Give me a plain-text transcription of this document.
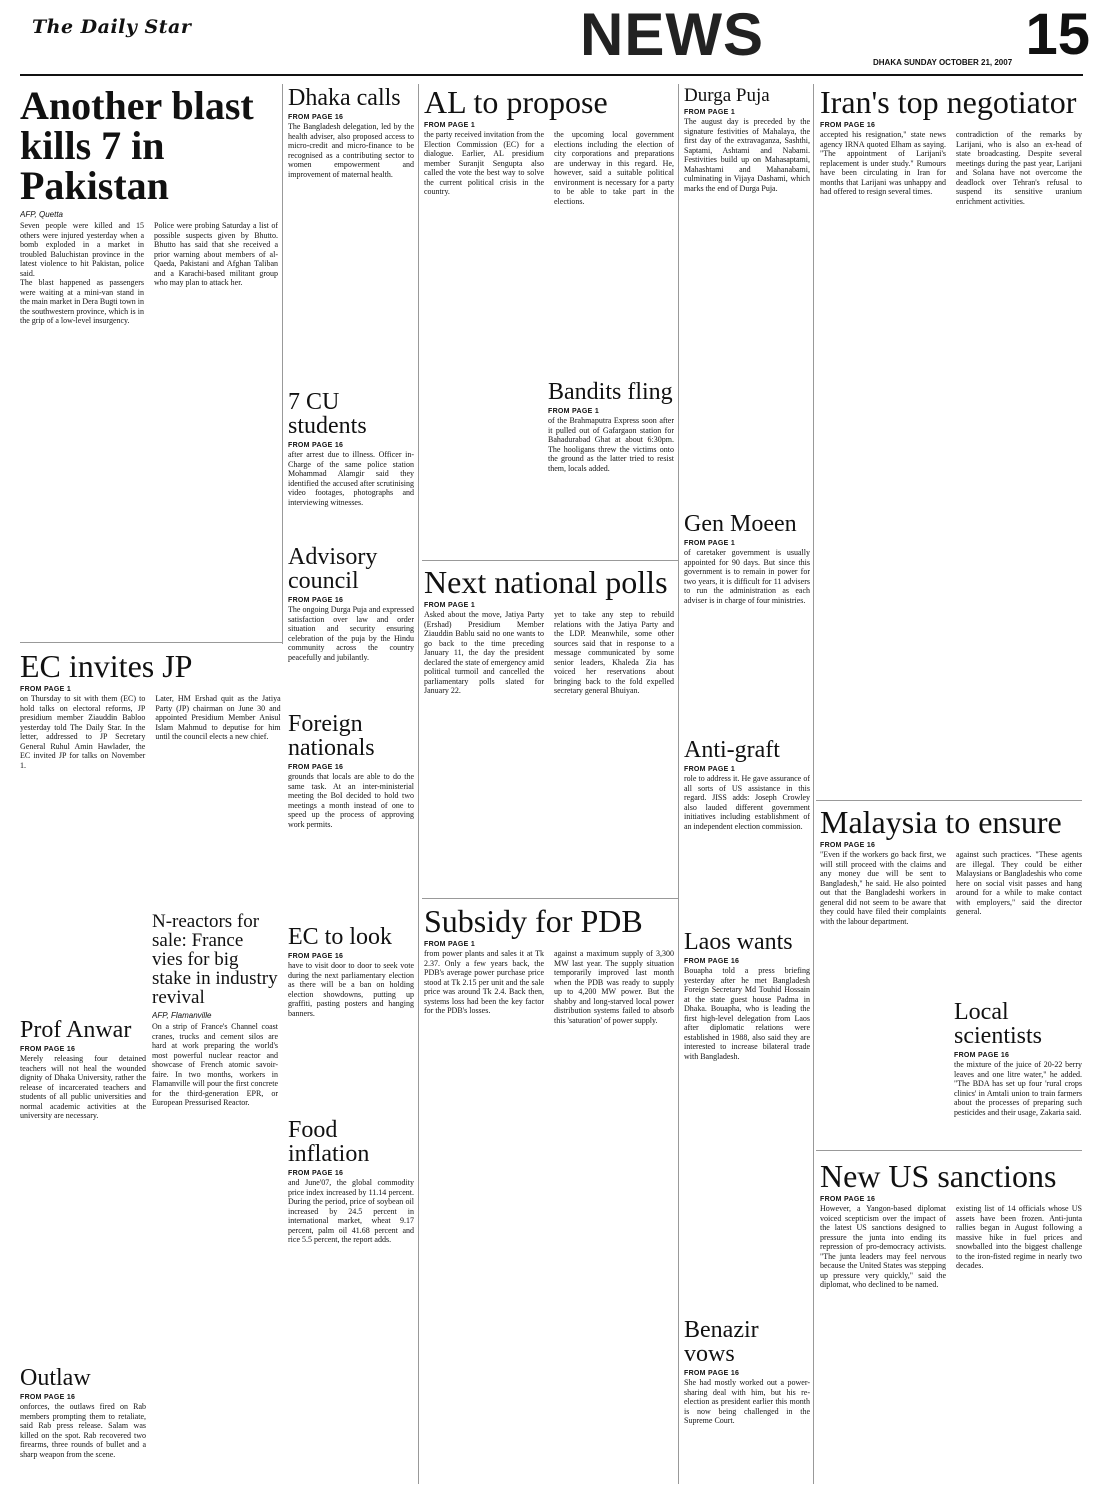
The Daily Star	NEWS	DHAKA SUNDAY OCTOBER 21, 2007 15
Another blast kills 7 in Pakistan
AFP, Quetta

Seven people were killed and 15 others were injured yesterday when a bomb exploded in a market in troubled Baluchistan province in the latest violence to hit Pakistan, police said.

The blast happened as passengers were waiting at a mini-van stand in the main market in Dera Bugti town in the southwestern province, which is in the grip of a low-level insurgency.

Police were probing Saturday a list of possible suspects given by Bhutto. Bhutto has said that she received a prior warning about members of al-Qaeda, Pakistani and Afghan Taliban and a Karachi-based militant group who may plan to attack her.

Dhaka calls
FROM PAGE 16

The Bangladesh delegation, led by the health adviser, also proposed access to micro-credit and micro-finance to be recognised as a contributing sector to women empowerment and improvement of maternal health.

7 CU students
FROM PAGE 16

after arrest due to illness. Officer in-Charge of the same police station Mohammad Alamgir said they identified the accused after scrutinising video footages, photographs and interviewing witnesses.

Advisory council
FROM PAGE 16

The ongoing Durga Puja and expressed satisfaction over law and order situation and security ensuring celebration of the puja by the Hindu community across the country peacefully and jubilantly.

AL to propose
FROM PAGE 1

the party received invitation from the Election Commission (EC) for a dialogue. Earlier, AL presidium member Suranjit Sengupta also called the vote the best way to solve the current political crisis in the country.

the upcoming local government elections including the election of city corporations and preparations are underway in this regard. He, however, said a suitable political environment is necessary for a party to be able to take part in the elections.

Durga Puja
FROM PAGE 1

The august day is preceded by the signature festivities of Mahalaya, the first day of the extravaganza, Sashthi, Saptami, Ashtami and Nabami. Festivities build up on Mahasaptami, Mahashtami and Mahanabami, culminating in Vijaya Dashami, which marks the end of Durga Puja.

Bandits fling
FROM PAGE 1

of the Brahmaputra Express soon after it pulled out of Gafargaon station for Bahadurabad Ghat at about 6:30pm. The hooligans threw the victims onto the ground as the latter tried to resist them, locals added.

Gen Moeen
FROM PAGE 1

of caretaker government is usually appointed for 90 days. But since this government is to remain in power for two years, it is difficult for 11 advisers to run the administration as each adviser is in charge of four ministries.

Anti-graft
FROM PAGE 1

role to address it. He gave assurance of all sorts of US assistance in this regard. JISS adds: Joseph Crowley also lauded different government initiatives including establishment of an independent election commission.

Iran's top negotiator
FROM PAGE 16

accepted his resignation," state news agency IRNA quoted Elham as saying. "The appointment of Larijani's replacement is under study." Rumours have been circulating in Iran for months that Larijani was unhappy and had offered to resign several times.

contradiction of the remarks by Larijani, who is also an ex-head of state broadcasting. Despite several meetings during the past year, Larijani and Solana have not overcome the deadlock over Tehran's refusal to suspend its sensitive uranium enrichment activities.

EC invites JP
FROM PAGE 1

on Thursday to sit with them (EC) to hold talks on electoral reforms, JP presidium member Ziauddin Babloo yesterday told The Daily Star. In the letter, addressed to JP Secretary General Ruhul Amin Hawlader, the EC invited JP for talks on November 1.

Later, HM Ershad quit as the Jatiya Party (JP) chairman on June 30 and appointed Presidium Member Anisul Islam Mahmud to deputise for him until the council elects a new chief.

N-reactors for sale: France vies for big stake in industry revival
AFP, Flamanville

On a strip of France's Channel coast cranes, trucks and cement silos are hard at work preparing the world's most powerful nuclear reactor and showcase of French atomic savoir-faire. In two months, workers in Flamanville will pour the first concrete for the third-generation EPR, or European Pressurised Reactor.

Prof Anwar
FROM PAGE 16

Merely releasing four detained teachers will not heal the wounded dignity of Dhaka University, rather the release of incarcerated teachers and students of all public universities and normal academic activities at the university are necessary.

Outlaw
FROM PAGE 16

onforces, the outlaws fired on Rab members prompting them to retaliate, said Rab press release. Salam was killed on the spot. Rab recovered two firearms, three rounds of bullet and a sharp weapon from the scene.

Foreign nationals
FROM PAGE 16

grounds that locals are able to do the same task. At an inter-ministerial meeting the BoI decided to hold two meetings a month instead of one to speed up the process of approving work permits.

EC to look
FROM PAGE 16

have to visit door to door to seek vote during the next parliamentary election as there will be a ban on holding election showdowns, putting up graffiti, pasting posters and hanging banners.

Food inflation
FROM PAGE 16

and June'07, the global commodity price index increased by 11.14 percent. During the period, price of soybean oil increased by 24.5 percent in international market, wheat 9.17 percent, palm oil 41.68 percent and rice 5.5 percent, the report adds.

Next national polls
FROM PAGE 1

Asked about the move, Jatiya Party (Ershad) Presidium Member Ziauddin Bablu said no one wants to go back to the time preceding January 11, the day the president declared the state of emergency amid political turmoil and cancelled the parliamentary polls slated for January 22.

yet to take any step to rebuild relations with the Jatiya Party and the LDP. Meanwhile, some other sources said that in response to a message communicated by some senior leaders, Khaleda Zia has voiced her reservations about bringing back to the fold expelled secretary general Bhuiyan.

Subsidy for PDB
FROM PAGE 1

from power plants and sales it at Tk 2.37. Only a few years back, the PDB's average power purchase price stood at Tk 2.15 per unit and the sale price was around Tk 2.4. Back then, systems loss had been the key factor for the PDB's losses.

against a maximum supply of 3,300 MW last year. The supply situation temporarily improved last month when the PDB was ready to supply up to 4,200 MW power. But the shabby and long-starved local power distribution systems failed to absorb this 'saturation' of power supply.

Laos wants
FROM PAGE 16

Bouapha told a press briefing yesterday after he met Bangladesh Foreign Secretary Md Touhid Hossain at the state guest house Padma in Dhaka. Bouapha, who is leading the first high-level delegation from Laos after diplomatic relations were established in 1988, also said they are interested to increase bilateral trade with Bangladesh.

Benazir vows
FROM PAGE 16

She had mostly worked out a power-sharing deal with him, but his re-election as president earlier this month is now being challenged in the Supreme Court.

Malaysia to ensure
FROM PAGE 16

"Even if the workers go back first, we will still proceed with the claims and any money due will be sent to Bangladesh," he said. He also pointed out that the Bangladeshi workers in general did not seem to be aware that they could have filed their complaints with the labour department.

against such practices. "These agents are illegal. They could be either Malaysians or Bangladeshis who come here on social visit passes and hang around for a while to make contact with employers," said the director general.

Local scientists
FROM PAGE 16

the mixture of the juice of 20-22 berry leaves and one litre water," he added. "The BDA has set up four 'rural crops clinics' in Amtali union to train farmers about the processes of preparing such pesticides and their usage, Zakaria said.

New US sanctions
FROM PAGE 16

However, a Yangon-based diplomat voiced scepticism over the impact of the latest US sanctions designed to pressure the junta into ending its repression of pro-democracy activists. "The junta leaders may feel nervous because the United States was stepping up pressure very quickly," said the diplomat, who declined to be named.

existing list of 14 officials whose US assets have been frozen. Anti-junta rallies began in August following a massive hike in fuel prices and snowballed into the biggest challenge to the iron-fisted regime in nearly two decades.
